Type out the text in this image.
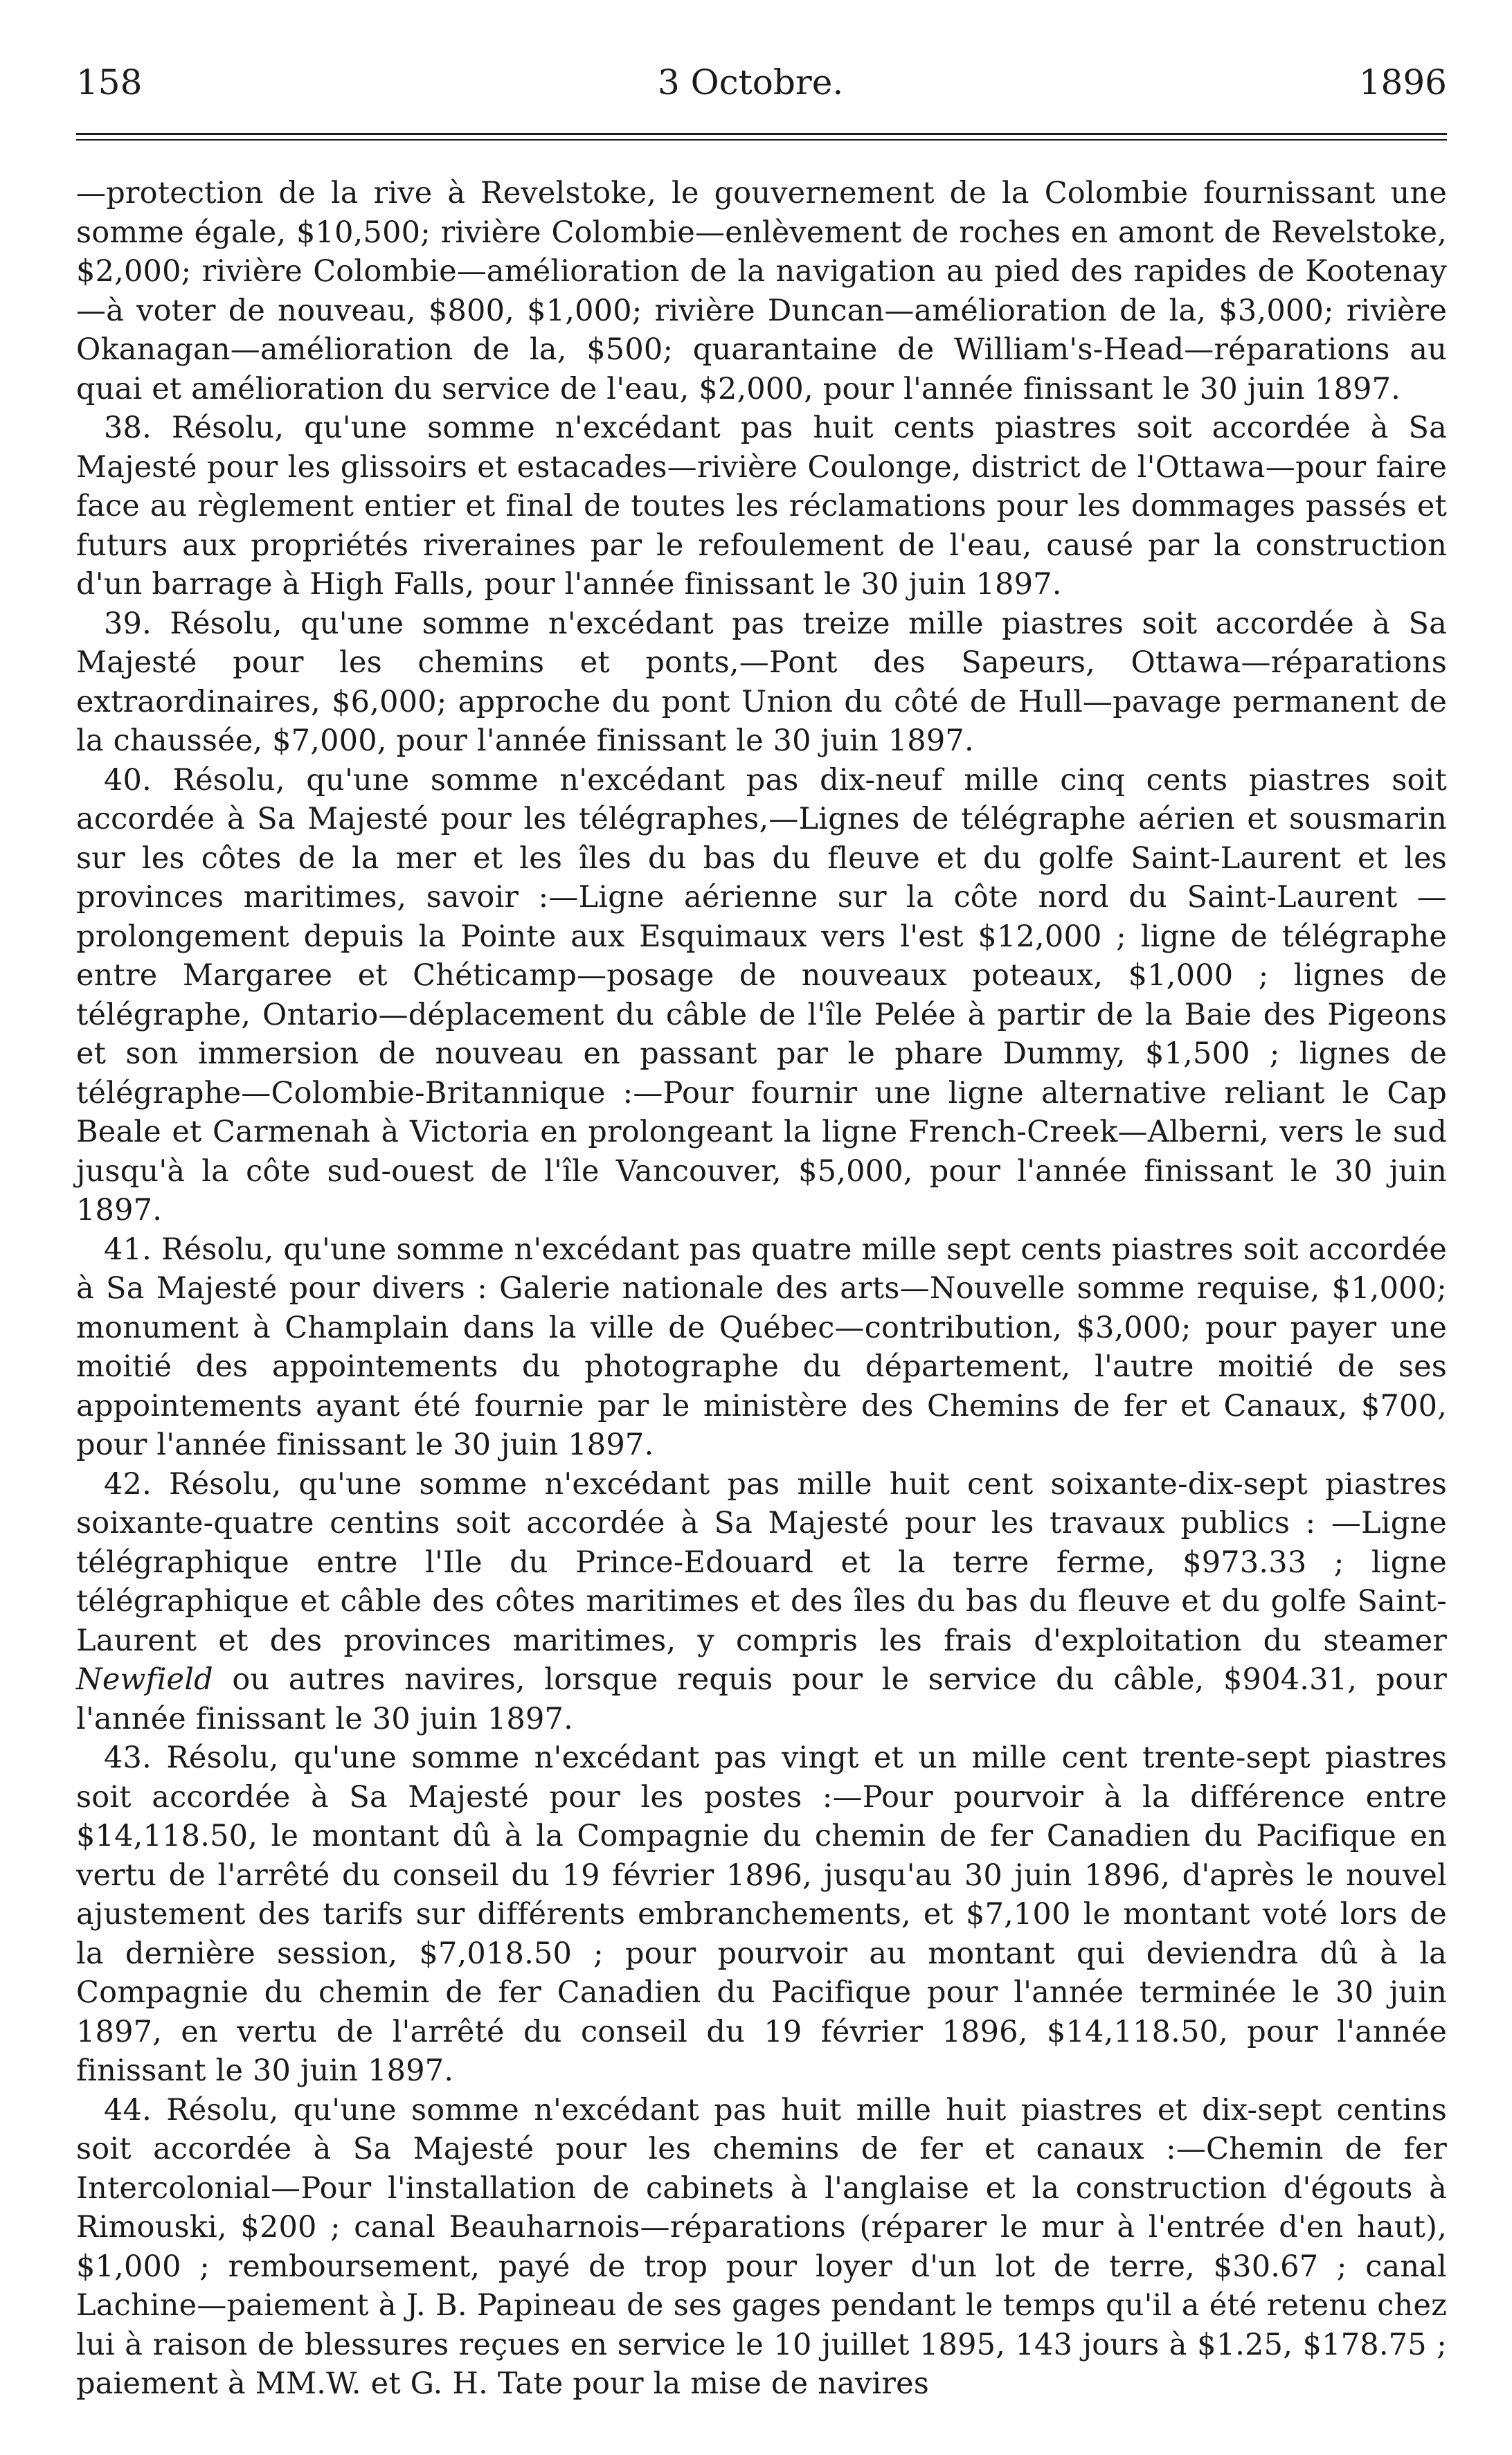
158	3 Octobre.	1896

—protection de la rive à Revelstoke, le gouvernement de la Colombie fournissant une somme égale, $10,500; rivière Colombie—enlèvement de roches en amont de Revelstoke, $2,000; rivière Colombie—amélioration de la navigation au pied des rapides de Kootenay—à voter de nouveau, $800, $1,000; rivière Duncan—amélioration de la, $3,000; rivière Okanagan—amélioration de la, $500; quarantaine de William's-Head—réparations au quai et amélioration du service de l'eau, $2,000, pour l'année finissant le 30 juin 1897.

38. Résolu, qu'une somme n'excédant pas huit cents piastres soit accordée à Sa Majesté pour les glissoirs et estacades—rivière Coulonge, district de l'Ottawa—pour faire face au règlement entier et final de toutes les réclamations pour les dommages passés et futurs aux propriétés riveraines par le refoulement de l'eau, causé par la construction d'un barrage à High Falls, pour l'année finissant le 30 juin 1897.

39. Résolu, qu'une somme n'excédant pas treize mille piastres soit accordée à Sa Majesté pour les chemins et ponts,—Pont des Sapeurs, Ottawa—réparations extraordinaires, $6,000; approche du pont Union du côté de Hull—pavage permanent de la chaussée, $7,000, pour l'année finissant le 30 juin 1897.

40. Résolu, qu'une somme n'excédant pas dix-neuf mille cinq cents piastres soit accordée à Sa Majesté pour les télégraphes,—Lignes de télégraphe aérien et sousmarin sur les côtes de la mer et les îles du bas du fleuve et du golfe Saint-Laurent et les provinces maritimes, savoir :—Ligne aérienne sur la côte nord du Saint-Laurent —prolongement depuis la Pointe aux Esquimaux vers l'est $12,000 ; ligne de télégraphe entre Margaree et Chéticamp—posage de nouveaux poteaux, $1,000 ; lignes de télégraphe, Ontario—déplacement du câble de l'île Pelée à partir de la Baie des Pigeons et son immersion de nouveau en passant par le phare Dummy, $1,500 ; lignes de télégraphe—Colombie-Britannique :—Pour fournir une ligne alternative reliant le Cap Beale et Carmenah à Victoria en prolongeant la ligne French-Creek—Alberni, vers le sud jusqu'à la côte sud-ouest de l'île Vancouver, $5,000, pour l'année finissant le 30 juin 1897.

41. Résolu, qu'une somme n'excédant pas quatre mille sept cents piastres soit accordée à Sa Majesté pour divers : Galerie nationale des arts—Nouvelle somme requise, $1,000; monument à Champlain dans la ville de Québec—contribution, $3,000; pour payer une moitié des appointements du photographe du département, l'autre moitié de ses appointements ayant été fournie par le ministère des Chemins de fer et Canaux, $700, pour l'année finissant le 30 juin 1897.

42. Résolu, qu'une somme n'excédant pas mille huit cent soixante-dix-sept piastres soixante-quatre centins soit accordée à Sa Majesté pour les travaux publics : —Ligne télégraphique entre l'Ile du Prince-Edouard et la terre ferme, $973.33 ; ligne télégraphique et câble des côtes maritimes et des îles du bas du fleuve et du golfe Saint-Laurent et des provinces maritimes, y compris les frais d'exploitation du steamer Newfield ou autres navires, lorsque requis pour le service du câble, $904.31, pour l'année finissant le 30 juin 1897.

43. Résolu, qu'une somme n'excédant pas vingt et un mille cent trente-sept piastres soit accordée à Sa Majesté pour les postes :—Pour pourvoir à la différence entre $14,118.50, le montant dû à la Compagnie du chemin de fer Canadien du Pacifique en vertu de l'arrêté du conseil du 19 février 1896, jusqu'au 30 juin 1896, d'après le nouvel ajustement des tarifs sur différents embranchements, et $7,100 le montant voté lors de la dernière session, $7,018.50 ; pour pourvoir au montant qui deviendra dû à la Compagnie du chemin de fer Canadien du Pacifique pour l'année terminée le 30 juin 1897, en vertu de l'arrêté du conseil du 19 février 1896, $14,118.50, pour l'année finissant le 30 juin 1897.

44. Résolu, qu'une somme n'excédant pas huit mille huit piastres et dix-sept centins soit accordée à Sa Majesté pour les chemins de fer et canaux :—Chemin de fer Intercolonial—Pour l'installation de cabinets à l'anglaise et la construction d'égouts à Rimouski, $200 ; canal Beauharnois—réparations (réparer le mur à l'entrée d'en haut), $1,000 ; remboursement, payé de trop pour loyer d'un lot de terre, $30.67 ; canal Lachine—paiement à J. B. Papineau de ses gages pendant le temps qu'il a été retenu chez lui à raison de blessures reçues en service le 10 juillet 1895, 143 jours à $1.25, $178.75 ; paiement à MM.W. et G. H. Tate pour la mise de navires
